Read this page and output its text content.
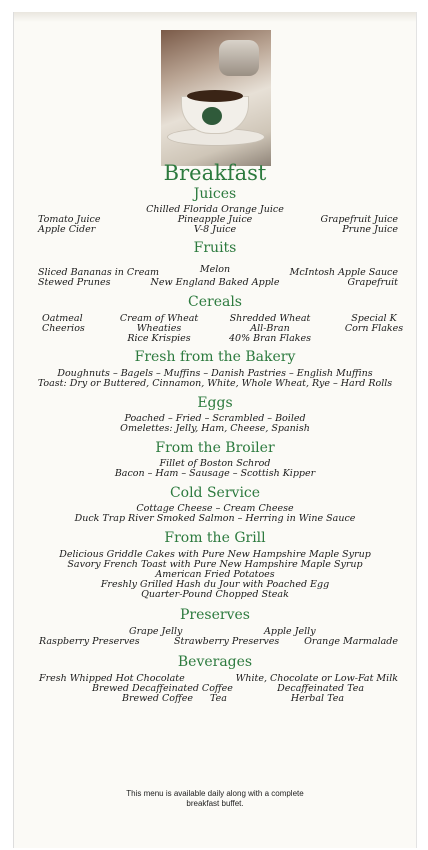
Breakfast
Juices
Chilled Florida Orange Juice
Pineapple Juice
V-8 Juice
Tomato Juice
Apple Cider
Grapefruit Juice
Prune Juice
Fruits
Sliced Bananas in Cream
Stewed Prunes
Melon
New England Baked Apple
McIntosh Apple Sauce
Grapefruit
Cereals
Oatmeal
Cheerios
Cream of Wheat
Wheaties
Rice Krispies
Shredded Wheat
All-Bran
40% Bran Flakes
Special K
Corn Flakes
Fresh from the Bakery
Doughnuts – Bagels – Muffins – Danish Pastries – English Muffins
Toast: Dry or Buttered, Cinnamon, White, Whole Wheat, Rye – Hard Rolls
Eggs
Poached – Fried – Scrambled – Boiled
Omelettes: Jelly, Ham, Cheese, Spanish
From the Broiler
Fillet of Boston Schrod
Bacon – Ham – Sausage – Scottish Kipper
Cold Service
Cottage Cheese – Cream Cheese
Duck Trap River Smoked Salmon – Herring in Wine Sauce
From the Grill
Delicious Griddle Cakes with Pure New Hampshire Maple Syrup
Savory French Toast with Pure New Hampshire Maple Syrup
American Fried Potatoes
Freshly Grilled Hash du Jour with Poached Egg
Quarter-Pound Chopped Steak
Preserves
Grape Jelly	Apple Jelly
Raspberry Preserves	Strawberry Preserves	Orange Marmalade
Beverages
Fresh Whipped Hot Chocolate
Brewed Decaffeinated Coffee
Brewed Coffee Tea
White, Chocolate or Low-Fat Milk
Decaffeinated Tea
Herbal Tea
This menu is available daily along with a complete
breakfast buffet.
